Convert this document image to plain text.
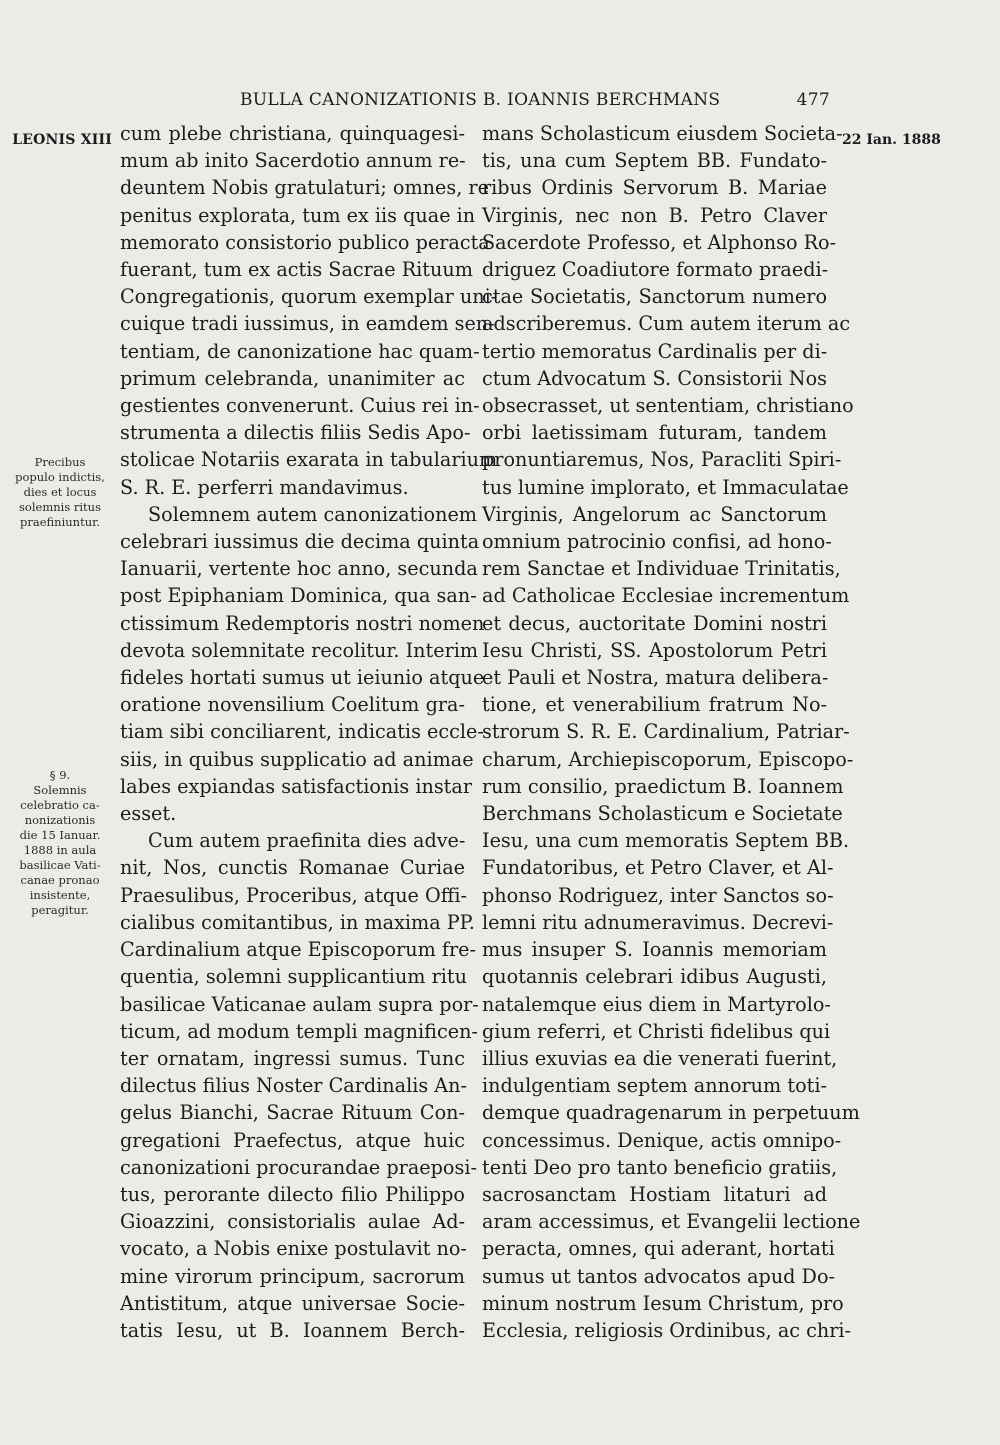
BULLA CANONIZATIONIS B. IOANNIS BERCHMANS	477
LEONIS XIII	22 Ian. 1888
Precibus
populo indictis,
dies et locus
solemnis ritus
praefiniuntur.
§ 9.
Solemnis
celebratio ca-
nonizationis
die 15 Ianuar.
1888 in aula
basilicae Vati-
canae pronao
insistente,
peragitur.
cum plebe christiana, quinquagesi-
mum ab inito Sacerdotio annum re-
deuntem Nobis gratulaturi; omnes, re
penitus explorata, tum ex iis quae in
memorato consistorio publico peracta
fuerant, tum ex actis Sacrae Rituum
Congregationis, quorum exemplar uni-
cuique tradi iussimus, in eamdem sen-
tentiam, de canonizatione hac quam-
primum celebranda, unanimiter ac
gestientes convenerunt. Cuius rei in-
strumenta a dilectis filiis Sedis Apo-
stolicae Notariis exarata in tabularium
S. R. E. perferri mandavimus.
Solemnem autem canonizationem
celebrari iussimus die decima quinta
Ianuarii, vertente hoc anno, secunda
post Epiphaniam Dominica, qua san-
ctissimum Redemptoris nostri nomen
devota solemnitate recolitur. Interim
fideles hortati sumus ut ieiunio atque
oratione novensilium Coelitum gra-
tiam sibi conciliarent, indicatis eccle-
siis, in quibus supplicatio ad animae
labes expiandas satisfactionis instar
esset.
Cum autem praefinita dies adve-
nit, Nos, cunctis Romanae Curiae
Praesulibus, Proceribus, atque Offi-
cialibus comitantibus, in maxima PP.
Cardinalium atque Episcoporum fre-
quentia, solemni supplicantium ritu
basilicae Vaticanae aulam supra por-
ticum, ad modum templi magnificen-
ter ornatam, ingressi sumus. Tunc
dilectus filius Noster Cardinalis An-
gelus Bianchi, Sacrae Rituum Con-
gregationi Praefectus, atque huic
canonizationi procurandae praeposi-
tus, perorante dilecto filio Philippo
Gioazzini, consistorialis aulae Ad-
vocato, a Nobis enixe postulavit no-
mine virorum principum, sacrorum
Antistitum, atque universae Socie-
tatis Iesu, ut B. Ioannem Berch-
mans Scholasticum eiusdem Societa-
tis, una cum Septem BB. Fundato-
ribus Ordinis Servorum B. Mariae
Virginis, nec non B. Petro Claver
Sacerdote Professo, et Alphonso Ro-
driguez Coadiutore formato praedi-
ctae Societatis, Sanctorum numero
adscriberemus. Cum autem iterum ac
tertio memoratus Cardinalis per di-
ctum Advocatum S. Consistorii Nos
obsecrasset, ut sententiam, christiano
orbi laetissimam futuram, tandem
pronuntiaremus, Nos, Paracliti Spiri-
tus lumine implorato, et Immaculatae
Virginis, Angelorum ac Sanctorum
omnium patrocinio confisi, ad hono-
rem Sanctae et Individuae Trinitatis,
ad Catholicae Ecclesiae incrementum
et decus, auctoritate Domini nostri
Iesu Christi, SS. Apostolorum Petri
et Pauli et Nostra, matura delibera-
tione, et venerabilium fratrum No-
strorum S. R. E. Cardinalium, Patriar-
charum, Archiepiscoporum, Episcopo-
rum consilio, praedictum B. Ioannem
Berchmans Scholasticum e Societate
Iesu, una cum memoratis Septem BB.
Fundatoribus, et Petro Claver, et Al-
phonso Rodriguez, inter Sanctos so-
lemni ritu adnumeravimus. Decrevi-
mus insuper S. Ioannis memoriam
quotannis celebrari idibus Augusti,
natalemque eius diem in Martyrolo-
gium referri, et Christi fidelibus qui
illius exuvias ea die venerati fuerint,
indulgentiam septem annorum toti-
demque quadragenarum in perpetuum
concessimus. Denique, actis omnipo-
tenti Deo pro tanto beneficio gratiis,
sacrosanctam Hostiam litaturi ad
aram accessimus, et Evangelii lectione
peracta, omnes, qui aderant, hortati
sumus ut tantos advocatos apud Do-
minum nostrum Iesum Christum, pro
Ecclesia, religiosis Ordinibus, ac chri-
